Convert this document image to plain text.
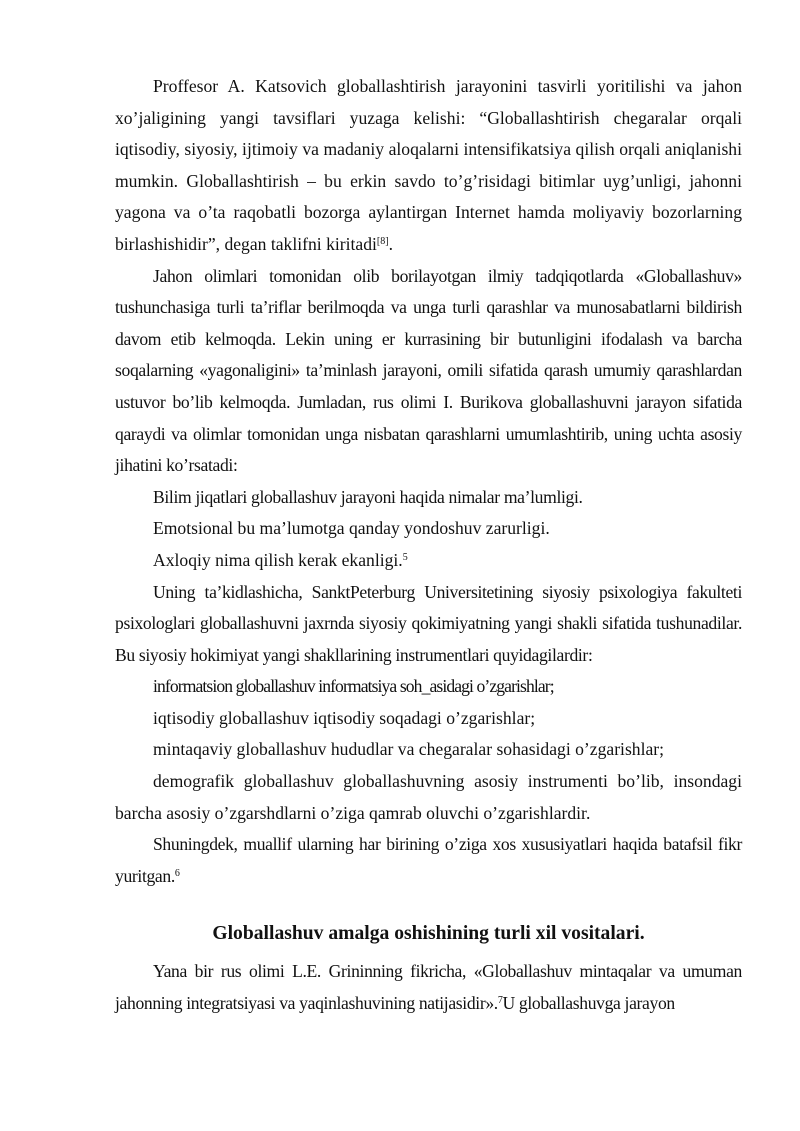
Proffesor A. Katsovich globallashtirish jarayonini tasvirli yoritilishi va jahon xo’jaligining yangi tavsiflari yuzaga kelishi: “Globallashtirish chegaralar orqali iqtisodiy, siyosiy, ijtimoiy va madaniy aloqalarni intensifikatsiya qilish orqali aniqlanishi mumkin. Globallashtirish – bu erkin savdo to’g’risidagi bitimlar uyg’unligi, jahonni yagona va o’ta raqobatli bozorga aylantirgan Internet hamda moliyaviy bozorlarning birlashishidir”, degan taklifni kiritadi[8].

Jahon olimlari tomonidan olib borilayotgan ilmiy tadqiqotlarda «Globallashuv» tushunchasiga turli ta’riflar berilmoqda va unga turli qarashlar va munosabatlarni bildirish davom etib kelmoqda. Lekin uning er kurrasining bir butunligini ifodalash va barcha soqalarning «yagonaligini» ta’minlash jarayoni, omili sifatida qarash umumiy qarashlardan ustuvor bo’lib kelmoqda. Jumladan, rus olimi I. Burikova globallashuvni jarayon sifatida qaraydi va olimlar tomonidan unga nisbatan qarashlarni umumlashtirib, uning uchta asosiy jihatini ko’rsatadi:

Bilim jiqatlari globallashuv jarayoni haqida nimalar ma’lumligi.

Emotsional bu ma’lumotga qanday yondoshuv zarurligi.

Axloqiy nima qilish kerak ekanligi.$^5$

Uning ta’kidlashicha, SanktPeterburg Universitetining siyosiy psixologiya fakulteti psixologlari globallashuvni jaxrnda siyosiy qokimiyatning yangi shakli sifatida tushunadilar. Bu siyosiy hokimiyat yangi shakllarining instrumentlari quyidagilardir:

informatsion globallashuv informatsiya soh_asidagi o’zgarishlar;

iqtisodiy globallashuv iqtisodiy soqadagi o’zgarishlar;

mintaqaviy globallashuv hududlar va chegaralar sohasidagi o’zgarishlar;

demografik globallashuv globallashuvning asosiy instrumenti bo’lib, insondagi barcha asosiy o’zgarshdlarni o’ziga qamrab oluvchi o’zgarishlardir.

Shuningdek, muallif ularning har birining o’ziga xos xususiyatlari haqida batafsil fikr yuritgan.$^6$

Globallashuv amalga oshishining turli xil vositalari.

Yana bir rus olimi L.E. Grininning fikricha, «Globallashuv mintaqalar va umuman jahonning integratsiyasi va yaqinlashuvining natijasidir».$^7$U globallashuvga jarayon
